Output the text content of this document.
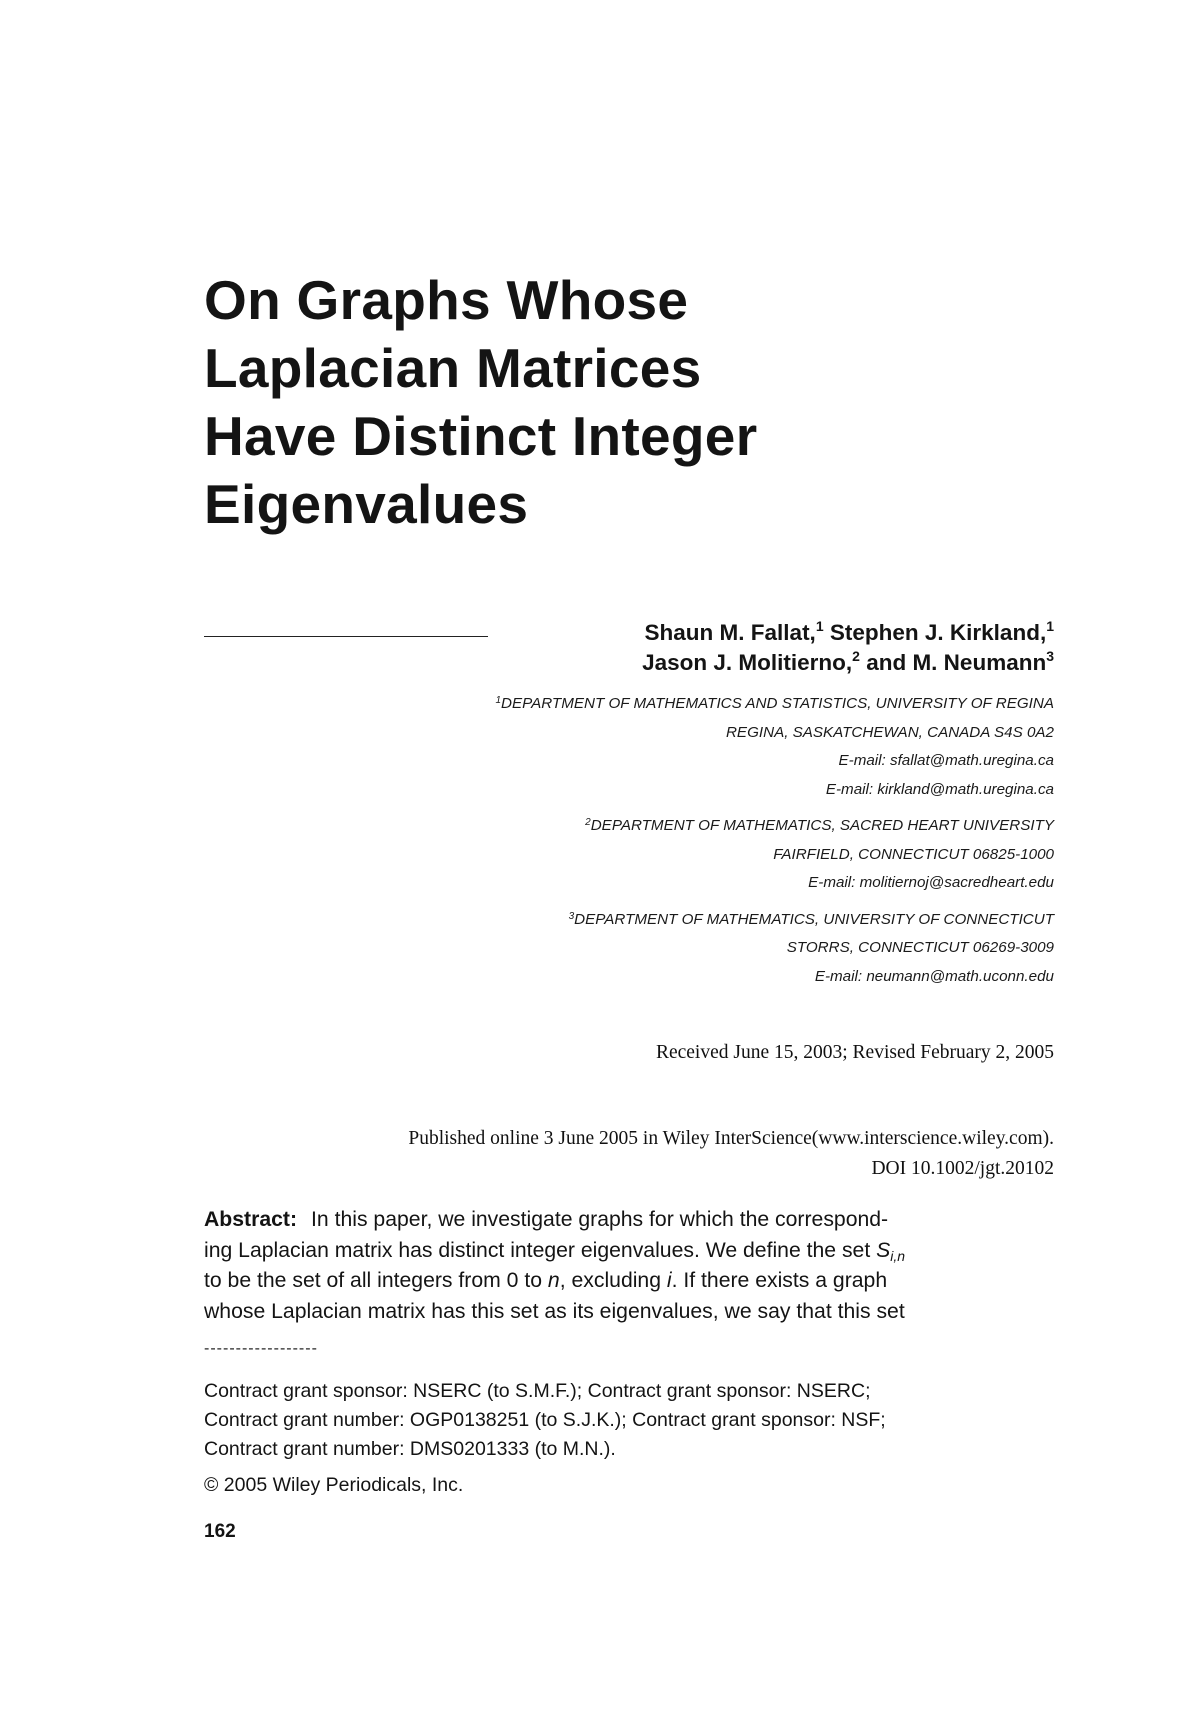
On Graphs Whose
Laplacian Matrices
Have Distinct Integer
Eigenvalues
Shaun M. Fallat,$^1$ Stephen J. Kirkland,$^1$
Jason J. Molitierno,$^2$ and M. Neumann$^3$
$^1$DEPARTMENT OF MATHEMATICS AND STATISTICS, UNIVERSITY OF REGINA
REGINA, SASKATCHEWAN, CANADA S4S 0A2
E-mail: sfallat@math.uregina.ca
E-mail: kirkland@math.uregina.ca
$^2$DEPARTMENT OF MATHEMATICS, SACRED HEART UNIVERSITY
FAIRFIELD, CONNECTICUT 06825-1000
E-mail: molitiernoj@sacredheart.edu
$^3$DEPARTMENT OF MATHEMATICS, UNIVERSITY OF CONNECTICUT
STORRS, CONNECTICUT 06269-3009
E-mail: neumann@math.uconn.edu
Received June 15, 2003; Revised February 2, 2005
Published online 3 June 2005 in Wiley InterScience(www.interscience.wiley.com).
DOI 10.1002/jgt.20102
Abstract: In this paper, we investigate graphs for which the correspond-
ing Laplacian matrix has distinct integer eigenvalues. We define the set $S_{i,n}$
to be the set of all integers from 0 to n, excluding i. If there exists a graph
whose Laplacian matrix has this set as its eigenvalues, we say that this set
------------------
Contract grant sponsor: NSERC (to S.M.F.); Contract grant sponsor: NSERC;
Contract grant number: OGP0138251 (to S.J.K.); Contract grant sponsor: NSF;
Contract grant number: DMS0201333 (to M.N.).
© 2005 Wiley Periodicals, Inc.
162
